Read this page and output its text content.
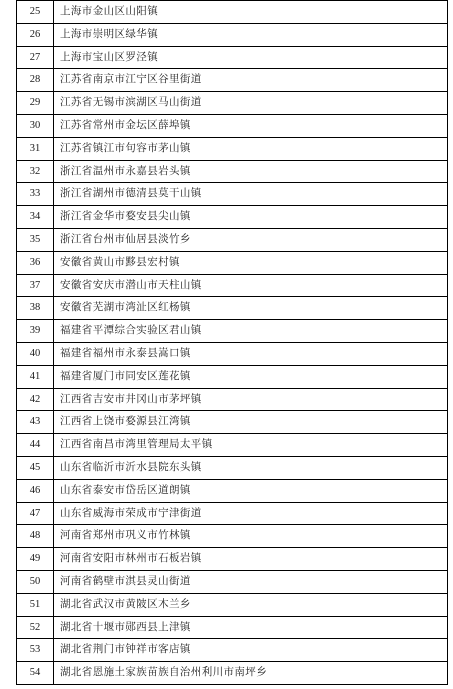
25	上海市金山区山阳镇
26	上海市崇明区绿华镇
27	上海市宝山区罗泾镇
28	江苏省南京市江宁区谷里街道
29	江苏省无锡市滨湖区马山街道
30	江苏省常州市金坛区薛埠镇
31	江苏省镇江市句容市茅山镇
32	浙江省温州市永嘉县岩头镇
33	浙江省湖州市德清县莫干山镇
34	浙江省金华市婺安县尖山镇
35	浙江省台州市仙居县淡竹乡
36	安徽省黄山市黟县宏村镇
37	安徽省安庆市潜山市天柱山镇
38	安徽省芜湖市湾沚区红杨镇
39	福建省平潭综合实验区君山镇
40	福建省福州市永泰县嵩口镇
41	福建省厦门市同安区莲花镇
42	江西省吉安市井冈山市茅坪镇
43	江西省上饶市婺源县江湾镇
44	江西省南昌市湾里管理局太平镇
45	山东省临沂市沂水县院东头镇
46	山东省泰安市岱岳区道朗镇
47	山东省威海市荣成市宁津街道
48	河南省郑州市巩义市竹林镇
49	河南省安阳市林州市石板岩镇
50	河南省鹤壁市淇县灵山街道
51	湖北省武汉市黄陂区木兰乡
52	湖北省十堰市郧西县上津镇
53	湖北省荆门市钟祥市客店镇
54	湖北省恩施土家族苗族自治州利川市南坪乡
